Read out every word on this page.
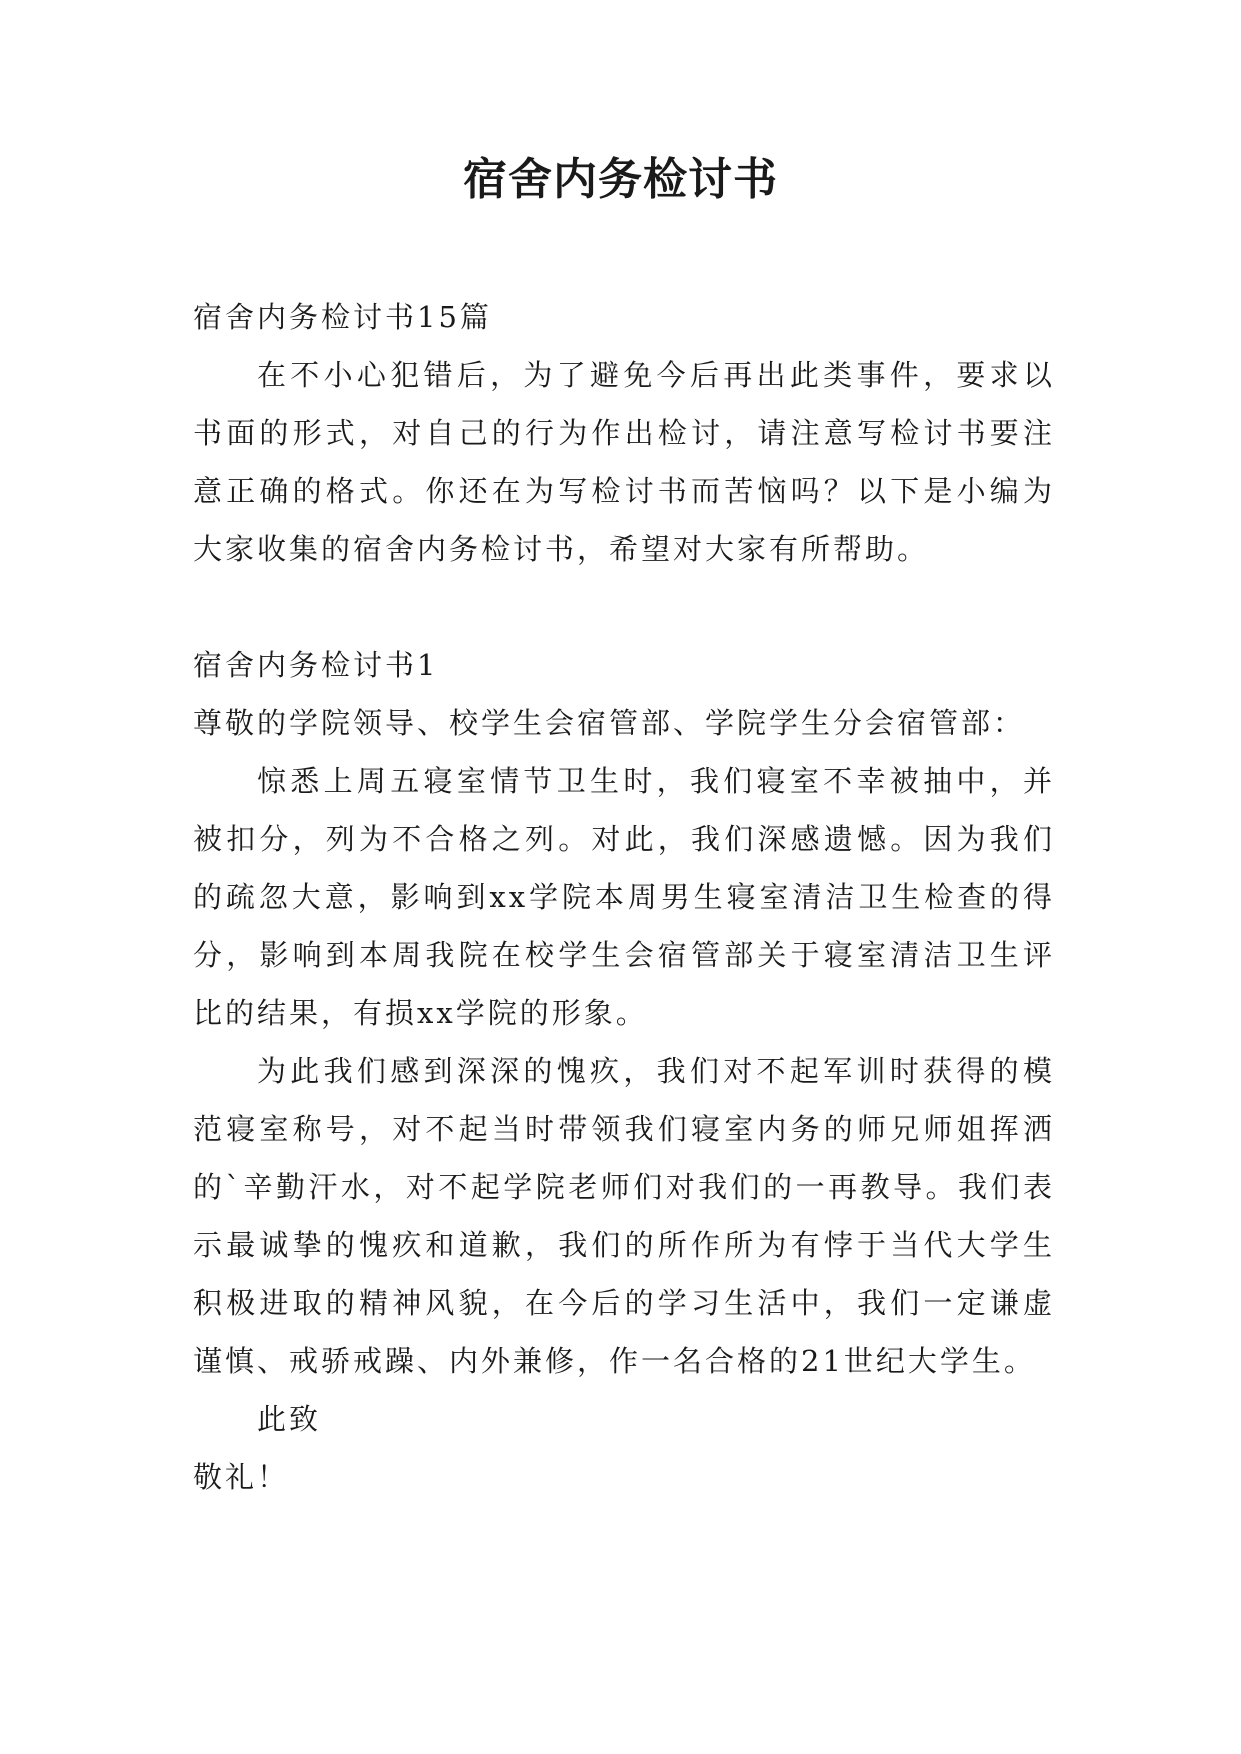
宿舍内务检讨书

宿舍内务检讨书15篇

在不小心犯错后，为了避免今后再出此类事件，要求以书面的形式，对自己的行为作出检讨，请注意写检讨书要注意正确的格式。你还在为写检讨书而苦恼吗？以下是小编为大家收集的宿舍内务检讨书，希望对大家有所帮助。

宿舍内务检讨书1

尊敬的学院领导、校学生会宿管部、学院学生分会宿管部：

惊悉上周五寝室情节卫生时，我们寝室不幸被抽中，并被扣分，列为不合格之列。对此，我们深感遗憾。因为我们的疏忽大意，影响到xx学院本周男生寝室清洁卫生检查的得分，影响到本周我院在校学生会宿管部关于寝室清洁卫生评比的结果，有损xx学院的形象。

为此我们感到深深的愧疚，我们对不起军训时获得的模范寝室称号，对不起当时带领我们寝室内务的师兄师姐挥洒的`辛勤汗水，对不起学院老师们对我们的一再教导。我们表示最诚挚的愧疚和道歉，我们的所作所为有悖于当代大学生积极进取的精神风貌，在今后的学习生活中，我们一定谦虚谨慎、戒骄戒躁、内外兼修，作一名合格的21世纪大学生。

此致

敬礼！
